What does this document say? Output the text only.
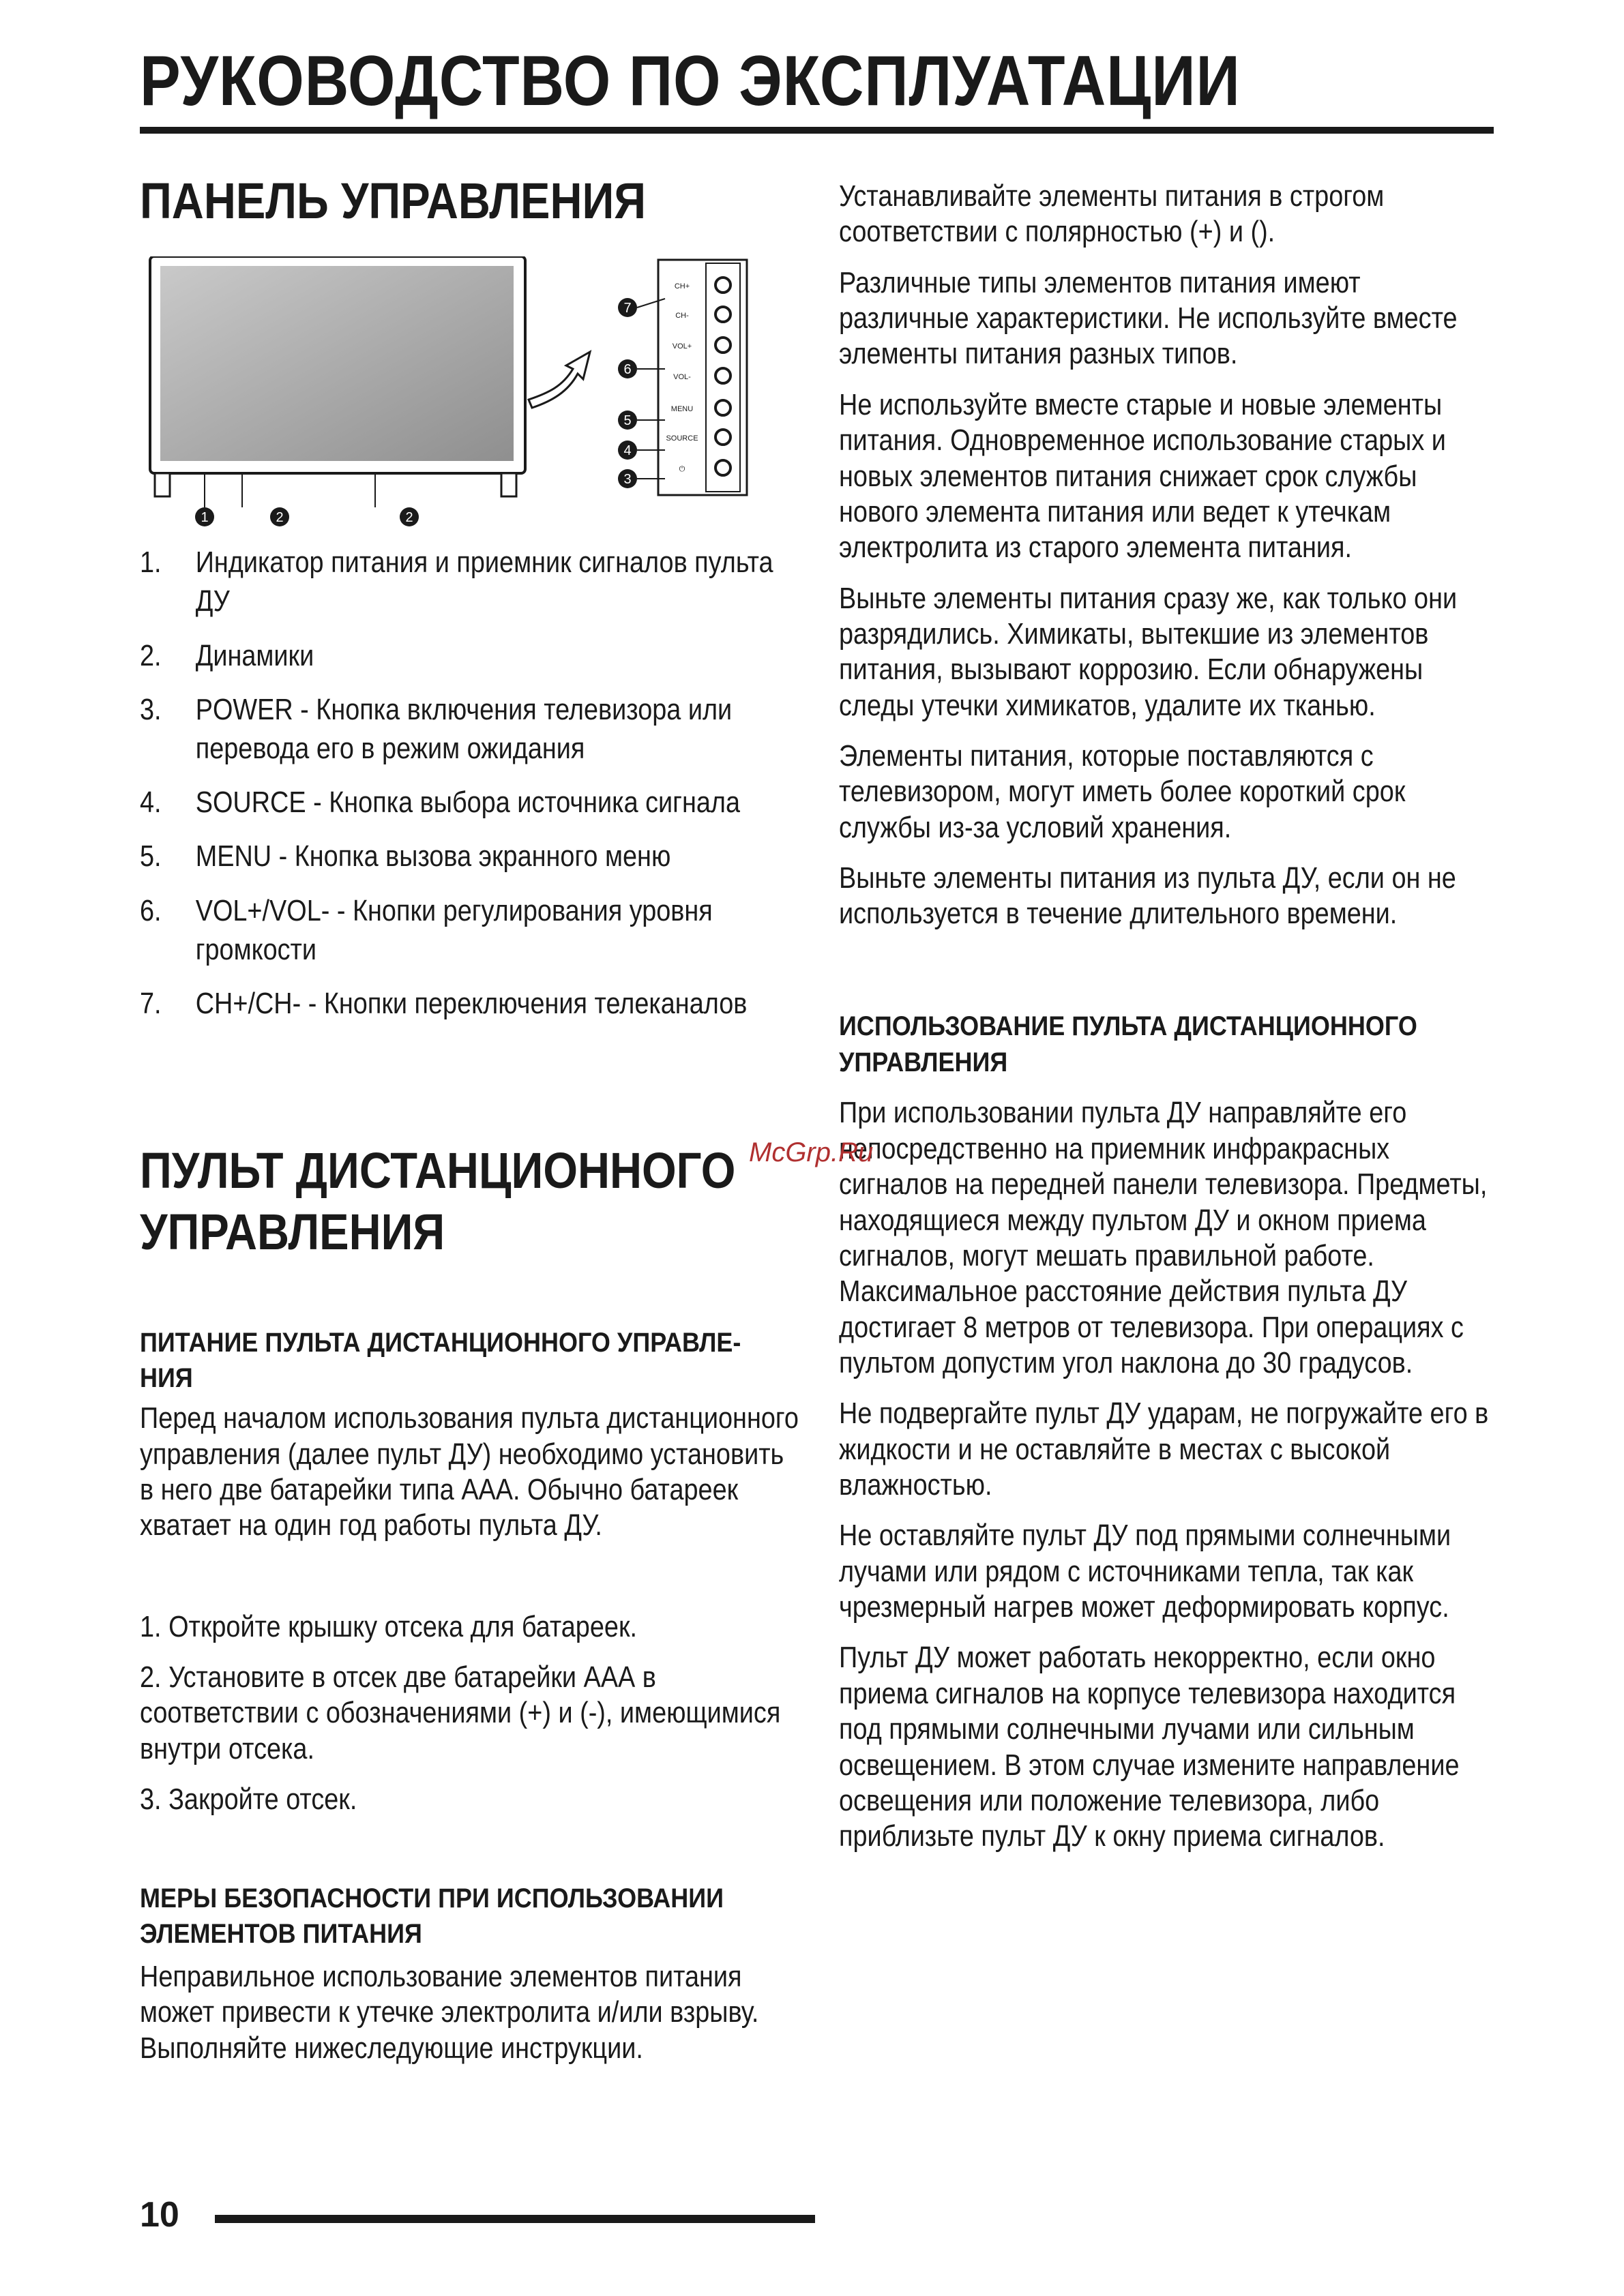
РУКОВОДСТВО ПО ЭКСПЛУАТАЦИИ
ПАНЕЛЬ УПРАВЛЕНИЯ
1	2	2
CH+
CH-
VOL+
VOL-
MENU
SOURCE
⏻
7
6
5
4
3
1.	Индикатор питания и приемник сигналов пульта ДУ
2.	Динамики
3.	POWER - Кнопка включения телевизора или перевода его в режим ожидания
4.	SOURCE - Кнопка выбора источника сигнала
5.	MENU - Кнопка вызова экранного меню
6.	VOL+/VOL- - Кнопки регулирования уровня громкости
7.	CH+/CH- - Кнопки переключения телеканалов
ПУЛЬТ ДИСТАНЦИОННОГО
УПРАВЛЕНИЯ
ПИТАНИЕ ПУЛЬТА ДИСТАНЦИОННОГО УПРАВЛЕ-
НИЯ

Перед началом использования пульта дистанционного управления (далее пульт ДУ) необходимо установить в него две батарейки типа ААА. Обычно батареек хватает на один год работы пульта ДУ.

1. Откройте крышку отсека для батареек.

2. Установите в отсек две батарейки ААА в соответствии с обозначениями (+) и (-), имеющимися внутри отсека.

3. Закройте отсек.

МЕРЫ БЕЗОПАСНОСТИ ПРИ ИСПОЛЬЗОВАНИИ
ЭЛЕМЕНТОВ ПИТАНИЯ

Неправильное использование элементов питания может привести к утечке электролита и/или взрыву. Выполняйте нижеследующие инструкции.

Устанавливайте элементы питания в строгом соответствии с полярностью (+) и ().

Различные типы элементов питания имеют различные характеристики. Не используйте вместе элементы питания разных типов.

Не используйте вместе старые и новые элементы питания. Одновременное использование старых и новых элементов питания снижает срок службы нового элемента питания или ведет к утечкам электролита из старого элемента питания.

Выньте элементы питания сразу же, как только они разрядились. Химикаты, вытекшие из элементов питания, вызывают коррозию. Если обнаружены следы утечки химикатов, удалите их тканью.

Элементы питания, которые поставляются с телевизором, могут иметь более короткий срок службы из-за условий хранения.

Выньте элементы питания из пульта ДУ, если он не используется в течение длительного времени.

ИСПОЛЬЗОВАНИЕ ПУЛЬТА ДИСТАНЦИОННОГО
УПРАВЛЕНИЯ

При использовании пульта ДУ направляйте его непосредственно на приемник инфракрасных сигналов на передней панели телевизора. Предметы, находящиеся между пультом ДУ и окном приема сигналов, могут мешать правильной работе. Максимальное расстояние действия пульта ДУ достигает 8 метров от телевизора. При операциях с пультом допустим угол наклона до 30 градусов.

Не подвергайте пульт ДУ ударам, не погружайте его в жидкости и не оставляйте в местах с высокой влажностью.

Не оставляйте пульт ДУ под прямыми солнечными лучами или рядом с источниками тепла, так как чрезмерный нагрев может деформировать корпус.

Пульт ДУ может работать некорректно, если окно приема сигналов на корпусе телевизора находится под прямыми солнечными лучами или сильным освещением. В этом случае измените направление освещения или положение телевизора, либо приблизьте пульт ДУ к окну приема сигналов.

McGrp.Ru
10
